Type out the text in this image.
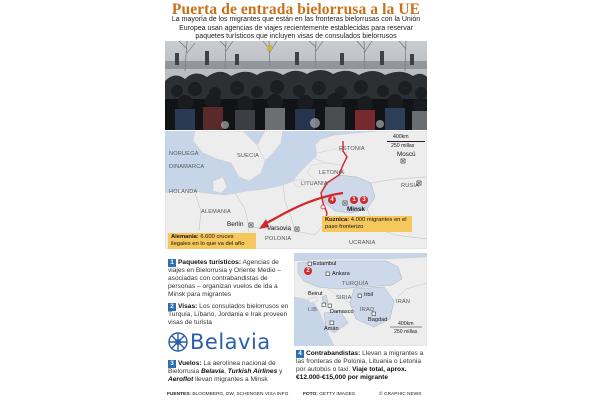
Puerta de entrada bielorrusa a la UE
La mayoría de los migrantes que están en las fronteras bielorrusas con la Unión Europea usan agencias de viajes recientemente establecidas para reservar paquetes turísticos que incluyen visas de consulados bielorrusos
400km
250 millas
ESTONIA
NORUEGA	SUECIA
DINAMARCA
HOLANDA
ALEMANIA
LETONIA
LITUANIA	RUSIA
POLONIA
UCRANIA
Moscú
Minsk
Berlín
Varsovia
4	1	3
Kuznica: 4.000 migrantes en el paso fronterizo
Alemania: 6.600 cruces ilegales en lo que va del año
1 Paquetes turísticos: Agencias de viajes en Bielorrusia y Oriente Medio – asociadas con contrabandistas de personas – organizan vuelos de ida a Minsk para migrantes
2 Visas: Los consulados bielorrusos en Turquía, Líbano, Jordania e Irak proveen visas de turista
Belavia
3 Vuelos: La aerolínea nacional de Bielorrusia Belavia, Turkish Airlines y Aeroflot llevan migrantes a Minsk
2
Estambul
Ankara
TURQUÍA
Beirut
SIRIA Irbil
LIB. Damasco IRAQ
IRÁN
Amán
Bagdad
400km
250 millas
4 Contrabandistas: Llevan a migrantes a las fronteras de Polonia, Lituania o Letonia por autobús o taxi. Viaje total, aprox. €12.000-€15,000 por migrante
FUENTES: BLOOMBERG, DW, SCHENGEN VISA INFO	FOTO: GETTY IMAGES	© GRAPHIC NEWS
